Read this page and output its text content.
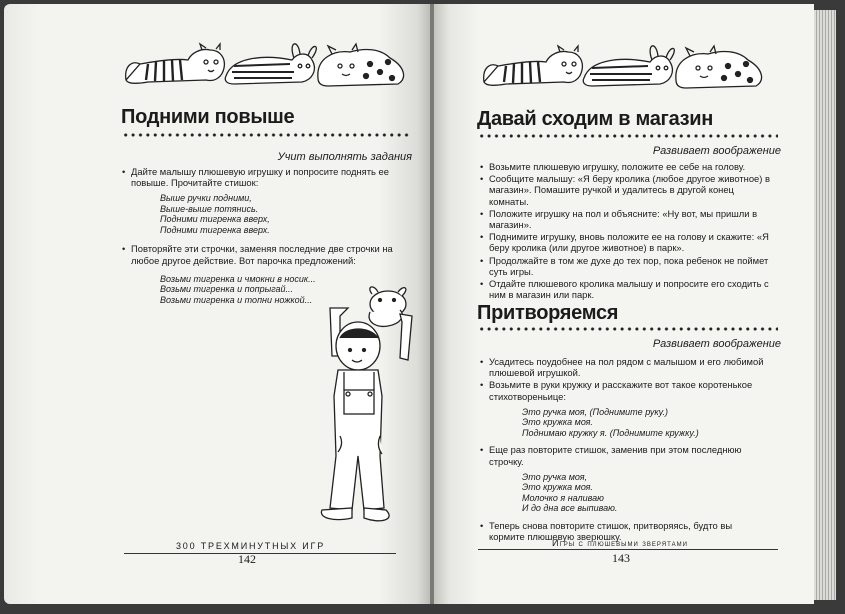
Подними повыше
Учит выполнять задания
• Дайте малышу плюшевую игрушку и попросите поднять ее повыше. Прочитайте стишок:
Выше ручки подними,
Выше-выше потянись.
Подними тигренка вверх,
Подними тигренка вверх.
• Повторяйте эти строчки, заменяя последние две строчки на любое другое действие. Вот парочка предложений:
Возьми тигренка и чмокни в носик...
Возьми тигренка и попрыгай...
Возьми тигренка и топни ножкой...
300 ТРЕХМИНУТНЫХ ИГР
142
Давай сходим в магазин
Развивает воображение
• Возьмите плюшевую игрушку, положите ее себе на голову.
• Сообщите малышу: «Я беру кролика (любое другое животное) в магазин». Помашите ручкой и удалитесь в другой конец комнаты.
• Положите игрушку на пол и объясните: «Ну вот, мы пришли в магазин».
• Поднимите игрушку, вновь положите ее на голову и скажите: «Я беру кролика (или другое животное) в парк».
• Продолжайте в том же духе до тех пор, пока ребенок не поймет суть игры.
• Отдайте плюшевого кролика малышу и попросите его сходить с ним в магазин или парк.
Притворяемся
Развивает воображение
• Усадитесь поудобнее на пол рядом с малышом и его любимой плюшевой игрушкой.
• Возьмите в руки кружку и расскажите вот такое коротенькое стихотвореньице:
Это ручка моя, (Поднимите руку.)
Это кружка моя.
Поднимаю кружку я. (Поднимите кружку.)
• Еще раз повторите стишок, заменив при этом последнюю строчку.
Это ручка моя,
Это кружка моя.
Молочко я наливаю
И до дна все выпиваю.
• Теперь снова повторите стишок, притворяясь, будто вы кормите плюшевую зверюшку.
Игры с плюшевыми зверятами
143
